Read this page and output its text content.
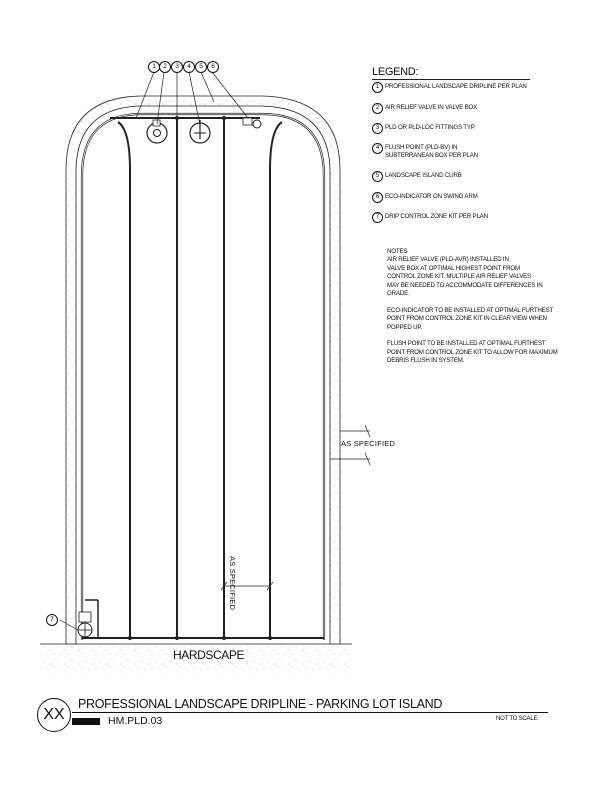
1	2	3	4	5	6
7
LEGEND:
1 PROFESSIONAL LANDSCAPE DRIPLINE PER PLAN
2 AIR RELIEF VALVE IN VALVE BOX
3 PLD OR PLD-LOC FITTINGS TYP.
4 FLUSH POINT (PLD-BV) IN SUBTERRANEAN BOX PER PLAN
5 LANDSCAPE ISLAND CURB
6 ECO-INDICATOR ON SWING ARM
7 DRIP CONTROL ZONE KIT PER PLAN

NOTES

AIR RELIEF VALVE (PLD-AVR) INSTALLED IN
VALVE BOX AT OPTIMAL HIGHEST POINT FROM
CONTROL ZONE KIT. MULTIPLE AIR RELIEF VALVES
MAY BE NEEDED TO ACCOMMODATE DIFFERENCES IN
GRADE.

ECO-INDICATOR TO BE INSTALLED AT OPTIMAL FURTHEST
POINT FROM CONTROL ZONE KIT IN CLEAR VIEW WHEN
POPPED UP.

FLUSH POINT TO BE INSTALLED AT OPTIMAL FURTHEST
POINT FROM CONTROL ZONE KIT TO ALLOW FOR MAXIMUM
DEBRIS FLUSH IN SYSTEM.

AS SPECIFIED
AS SPECIFIED
HARDSCAPE
XX
PROFESSIONAL LANDSCAPE DRIPLINE - PARKING LOT ISLAND
Hunter	HM.PLD.03	NOT TO SCALE
